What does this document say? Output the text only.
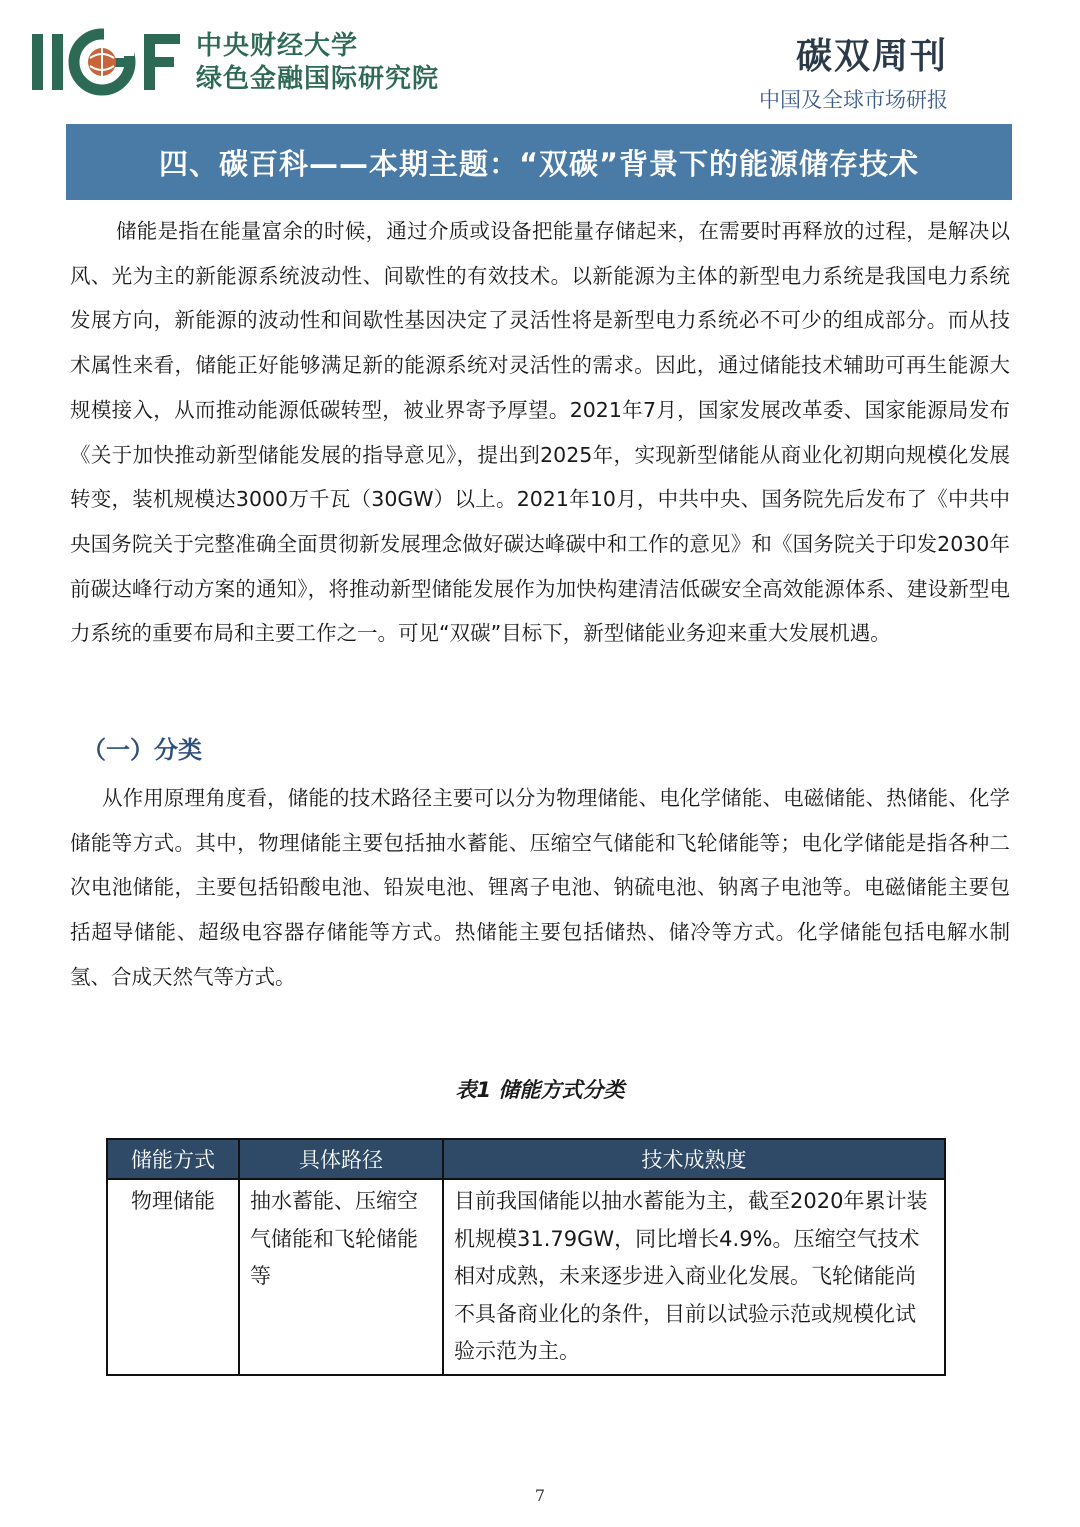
中央财经大学
绿色金融国际研究院
碳双周刊
中国及全球市场研报
四、碳百科——本期主题：“双碳”背景下的能源储存技术

储能是指在能量富余的时候，通过介质或设备把能量存储起来，在需要时再释放的过程，是解决以风、光为主的新能源系统波动性、间歇性的有效技术。以新能源为主体的新型电力系统是我国电力系统发展方向，新能源的波动性和间歇性基因决定了灵活性将是新型电力系统必不可少的组成部分。而从技术属性来看，储能正好能够满足新的能源系统对灵活性的需求。因此，通过储能技术辅助可再生能源大规模接入，从而推动能源低碳转型，被业界寄予厚望。2021年7月，国家发展改革委、国家能源局发布《关于加快推动新型储能发展的指导意见》，提出到2025年，实现新型储能从商业化初期向规模化发展转变，装机规模达3000万千瓦（30GW）以上。2021年10月，中共中央、国务院先后发布了《中共中央国务院关于完整准确全面贯彻新发展理念做好碳达峰碳中和工作的意见》和《国务院关于印发2030年前碳达峰行动方案的通知》，将推动新型储能发展作为加快构建清洁低碳安全高效能源体系、建设新型电力系统的重要布局和主要工作之一。可见“双碳”目标下，新型储能业务迎来重大发展机遇。

（一）分类

从作用原理角度看，储能的技术路径主要可以分为物理储能、电化学储能、电磁储能、热储能、化学储能等方式。其中，物理储能主要包括抽水蓄能、压缩空气储能和飞轮储能等；电化学储能是指各种二次电池储能，主要包括铅酸电池、铅炭电池、锂离子电池、钠硫电池、钠离子电池等。电磁储能主要包括超导储能、超级电容器存储能等方式。热储能主要包括储热、储冷等方式。化学储能包括电解水制氢、合成天然气等方式。

表1 储能方式分类
储能方式	具体路径	技术成熟度
物理储能	抽水蓄能、压缩空气储能和飞轮储能等	目前我国储能以抽水蓄能为主，截至2020年累计装机规模31.79GW，同比增长4.9%。压缩空气技术相对成熟，未来逐步进入商业化发展。飞轮储能尚不具备商业化的条件，目前以试验示范或规模化试验示范为主。
7
